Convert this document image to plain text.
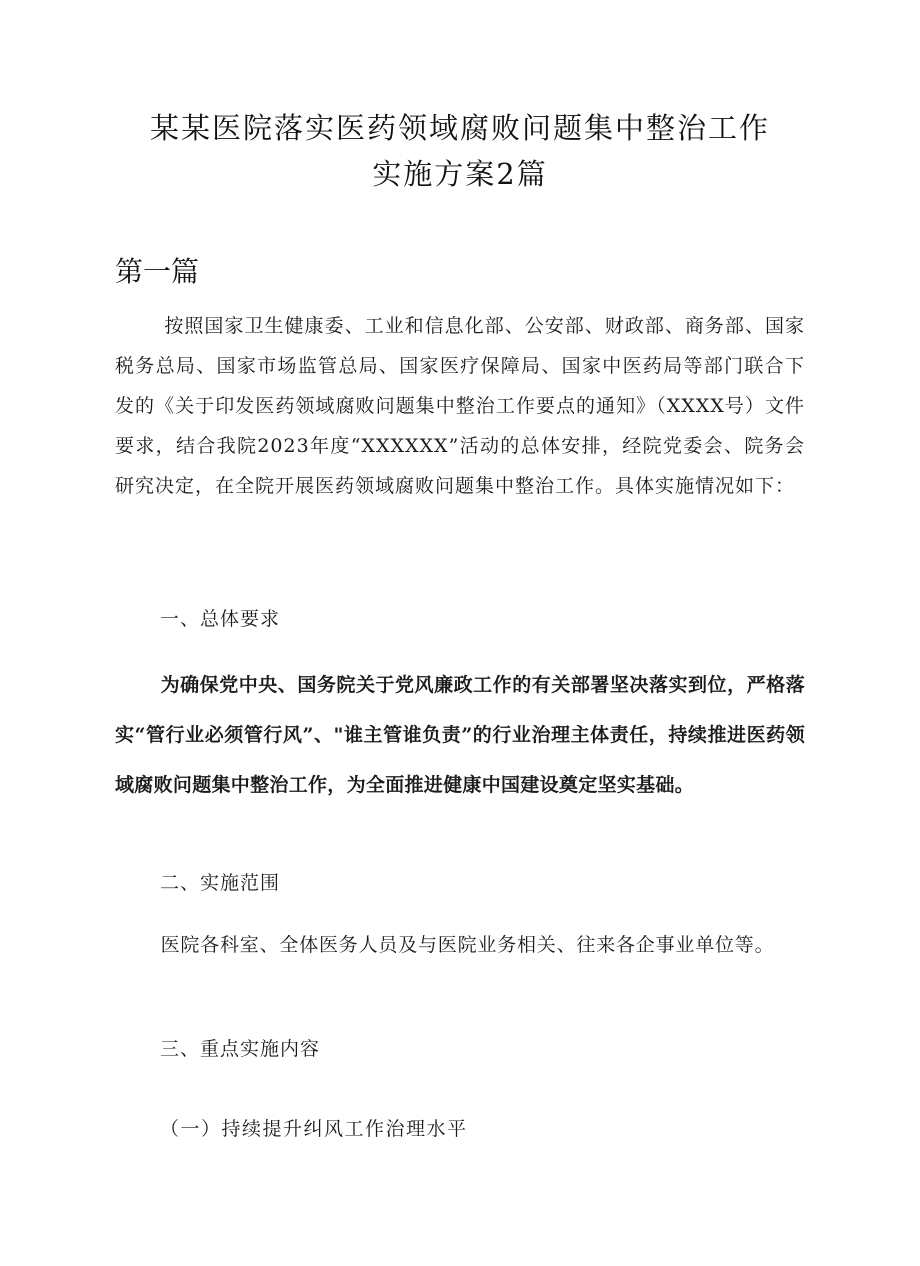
某某医院落实医药领域腐败问题集中整治工作
实施方案2篇
第一篇

按照国家卫生健康委、工业和信息化部、公安部、财政部、商务部、国家税务总局、国家市场监管总局、国家医疗保障局、国家中医药局等部门联合下发的《关于印发医药领域腐败问题集中整治工作要点的通知》（XXXX号）文件要求，结合我院2023年度“XXXXXX”活动的总体安排，经院党委会、院务会研究决定，在全院开展医药领域腐败问题集中整治工作。具体实施情况如下：

一、总体要求

为确保党中央、国务院关于党风廉政工作的有关部署坚决落实到位，严格落实“管行业必须管行风”、"谁主管谁负责”的行业治理主体责任，持续推进医药领域腐败问题集中整治工作，为全面推进健康中国建设奠定坚实基础。

二、实施范围

医院各科室、全体医务人员及与医院业务相关、往来各企事业单位等。

三、重点实施内容
（一）持续提升纠风工作治理水平
